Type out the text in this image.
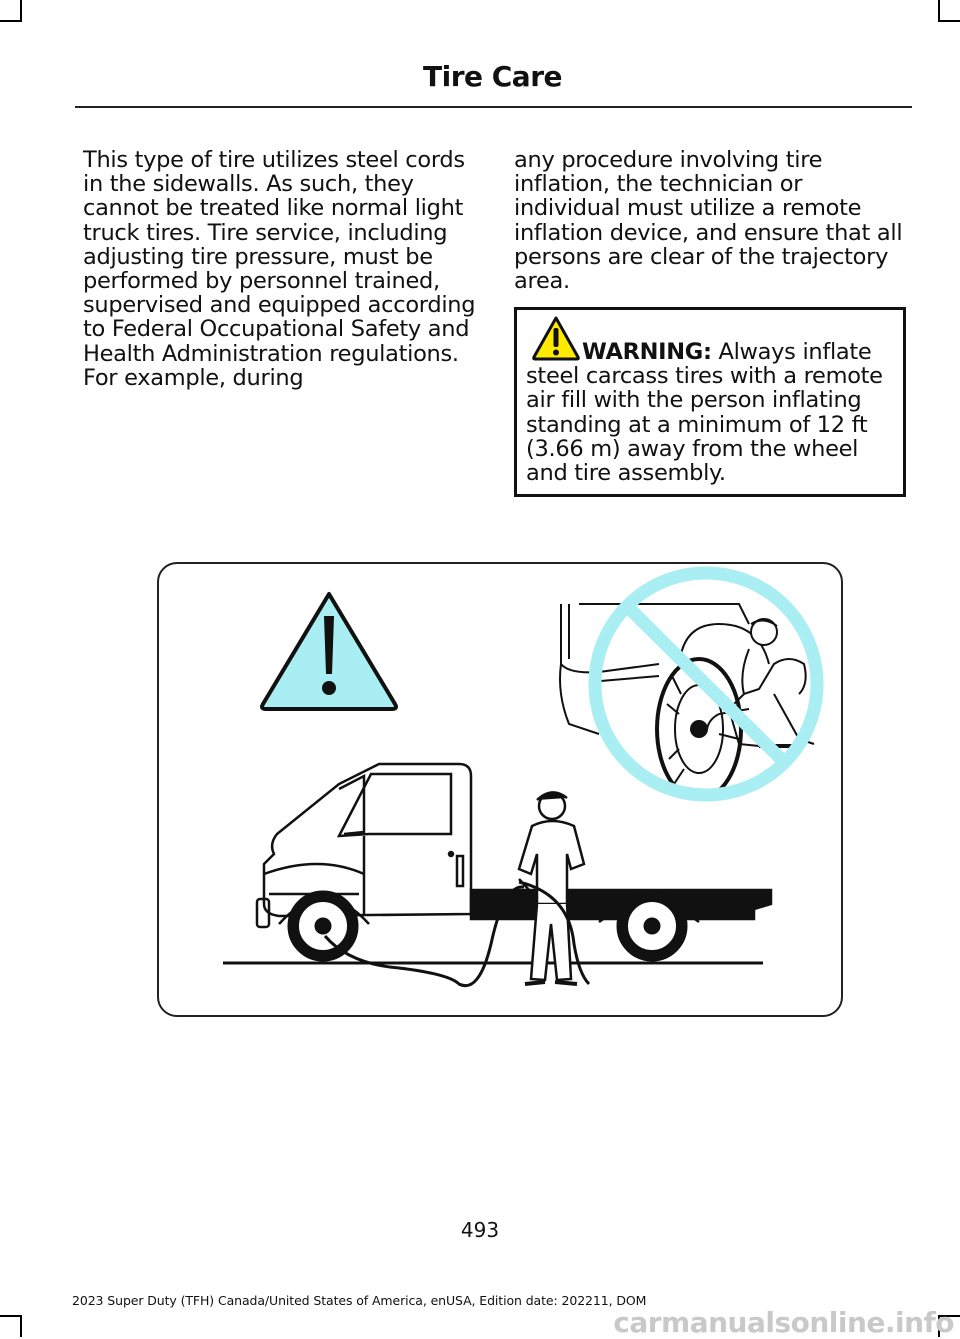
Tire Care
This type of tire utilizes steel cords in the sidewalls. As such, they cannot be treated like normal light truck tires. Tire service, including adjusting tire pressure, must be performed by personnel trained, supervised and equipped according to Federal Occupational Safety and Health Administration regulations. For example, during
any procedure involving tire inflation, the technician or individual must utilize a remote inflation device, and ensure that all persons are clear of the trajectory area.
WARNING: Always inflate steel carcass tires with a remote air fill with the person inflating standing at a minimum of 12 ft (3.66 m) away from the wheel and tire assembly.
493
2023 Super Duty (TFH) Canada/United States of America, enUSA, Edition date: 202211, DOM
carmanualsonline.info
